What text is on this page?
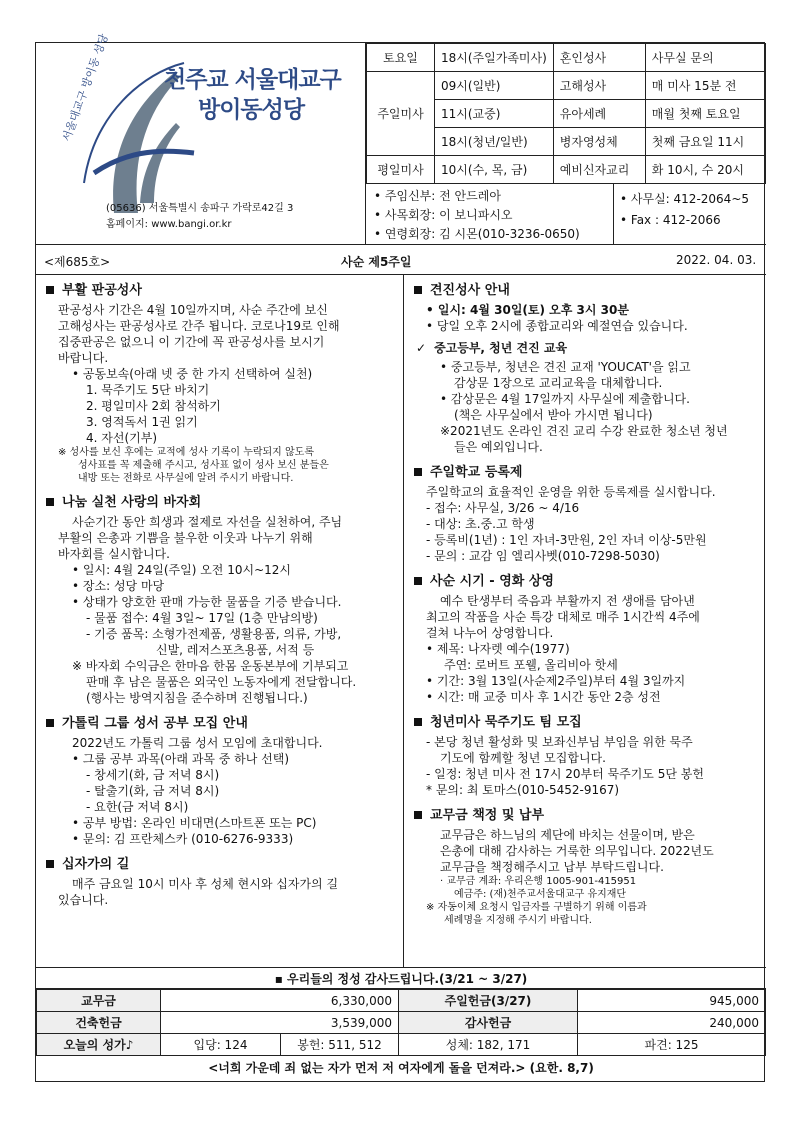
서울대교구 방이동 성당 천주교 서울대교구
방이동성당
(05636) 서울특별시 송파구 가락로42길 3
홈페이지: www.bangi.or.kr
토요일	18시(주일가족미사)	혼인성사	사무실 문의
주일미사	09시(일반)	고해성사	매 미사 15분 전
	11시(교중)	유아세례	매월 첫째 토요일
	18시(청년/일반)	병자영성체	첫째 금요일 11시
평일미사	10시(수, 목, 금)	예비신자교리	화 10시, 수 20시
• 주임신부: 전 안드레아
• 사목회장: 이 보니파시오
• 연령회장: 김 시몬(010-3236-0650)
• 사무실: 412-2064~5
• Fax : 412-2066
<제685호>	사순 제5주일	2022. 04. 03.
부활 판공성사
판공성사 기간은 4월 10일까지며, 사순 주간에 보신
고해성사는 판공성사로 간주 됩니다. 코로나19로 인해
집중판공은 없으니 이 기간에 꼭 판공성사를 보시기
바랍니다.
• 공동보속(아래 넷 중 한 가지 선택하여 실천)
1. 묵주기도 5단 바치기
2. 평일미사 2회 참석하기
3. 영적독서 1권 읽기
4. 자선(기부)
※ 성사를 보신 후에는 교적에 성사 기록이 누락되지 않도록
성사표를 꼭 제출해 주시고, 성사표 없이 성사 보신 분들은
내방 또는 전화로 사무실에 알려 주시기 바랍니다.
나눔 실천 사랑의 바자회
사순기간 동안 희생과 절제로 자선을 실천하여, 주님
부활의 은총과 기쁨을 불우한 이웃과 나누기 위해
바자회를 실시합니다.
• 일시: 4월 24일(주일) 오전 10시~12시
• 장소: 성당 마당
• 상태가 양호한 판매 가능한 물품을 기증 받습니다.
- 물품 접수: 4월 3일~ 17일 (1층 만남의방)
- 기증 품목: 소형가전제품, 생활용품, 의류, 가방,
신발, 레저스포츠용품, 서적 등
※ 바자회 수익금은 한마음 한몸 운동본부에 기부되고
판매 후 남은 물품은 외국인 노동자에게 전달합니다.
(행사는 방역지침을 준수하며 진행됩니다.)
가톨릭 그룹 성서 공부 모집 안내
2022년도 가톨릭 그룹 성서 모임에 초대합니다.
• 그룹 공부 과목(아래 과목 중 하나 선택)
- 창세기(화, 금 저녁 8시)
- 탈출기(화, 금 저녁 8시)
- 요한(금 저녁 8시)
• 공부 방법: 온라인 비대면(스마트폰 또는 PC)
• 문의: 김 프란체스카 (010-6276-9333)
십자가의 길
매주 금요일 10시 미사 후 성체 현시와 십자가의 길
있습니다.
견진성사 안내
• 일시: 4월 30일(토) 오후 3시 30분
• 당일 오후 2시에 종합교리와 예절연습 있습니다.
✓ 중고등부, 청년 견진 교육
• 중고등부, 청년은 견진 교재 'YOUCAT'을 읽고
감상문 1장으로 교리교육을 대체합니다.
• 감상문은 4월 17일까지 사무실에 제출합니다.
(책은 사무실에서 받아 가시면 됩니다)
※2021년도 온라인 견진 교리 수강 완료한 청소년 청년
들은 예외입니다.
주일학교 등록제
주일학교의 효율적인 운영을 위한 등록제를 실시합니다.
- 접수: 사무실, 3/26 ~ 4/16
- 대상: 초.중.고 학생
- 등록비(1년) : 1인 자녀-3만원, 2인 자녀 이상-5만원
- 문의 : 교감 임 엘리사벳(010-7298-5030)
사순 시기 - 영화 상영
예수 탄생부터 죽음과 부활까지 전 생애를 담아낸
최고의 작품을 사순 특강 대체로 매주 1시간씩 4주에
걸쳐 나누어 상영합니다.
• 제목: 나자렛 예수(1977)
주연: 로버트 포웰, 올리비아 핫세
• 기간: 3월 13일(사순제2주일)부터 4월 3일까지
• 시간: 매 교중 미사 후 1시간 동안 2층 성전
청년미사 묵주기도 팀 모집
- 본당 청년 활성화 및 보좌신부님 부임을 위한 묵주
기도에 함께할 청년 모집합니다.
- 일정: 청년 미사 전 17시 20부터 묵주기도 5단 봉헌
* 문의: 최 토마스(010-5452-9167)
교무금 책정 및 납부
교무금은 하느님의 제단에 바치는 선물이며, 받은
은총에 대해 감사하는 거룩한 의무입니다. 2022년도
교무금을 책정해주시고 납부 부탁드립니다.
· 교무금 계좌: 우리은행 1005-901-415951
예금주: (재)천주교서울대교구 유지재단
※ 자동이체 요청시 입금자를 구별하기 위해 이름과
세례명을 지정해 주시기 바랍니다.
▪ 우리들의 정성 감사드립니다.(3/21 ~ 3/27)
교무금	6,330,000		주일헌금(3/27)	945,000
건축헌금	3,539,000		감사헌금	240,000
오늘의 성가♪	입당: 124	봉헌: 511, 512	성체: 182, 171	파견: 125
<너희 가운데 죄 없는 자가 먼저 저 여자에게 돌을 던져라.> (요한. 8,7)
